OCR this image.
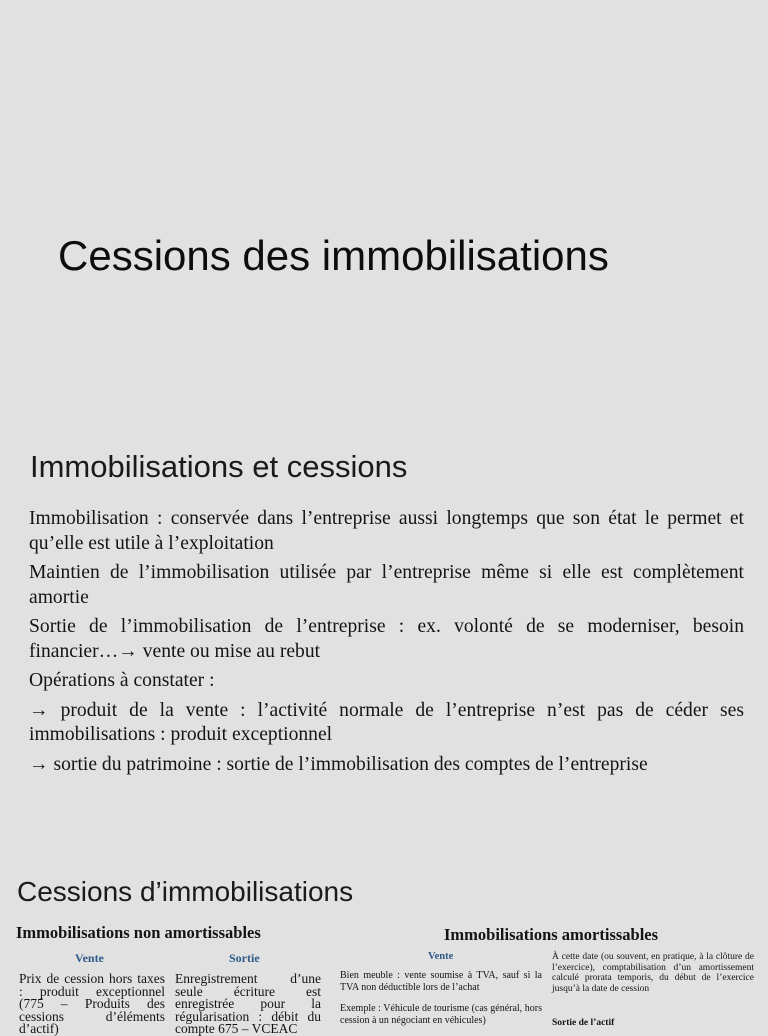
Cessions des immobilisations
Immobilisations et cessions

Immobilisation : conservée dans l’entreprise aussi longtemps que son état le permet et qu’elle est utile à l’exploitation

Maintien de l’immobilisation utilisée par l’entreprise même si elle est complètement amortie

Sortie de l’immobilisation de l’entreprise : ex. volonté de se moderniser, besoin financier…→ vente ou mise au rebut

Opérations à constater :

→ produit de la vente : l’activité normale de l’entreprise n’est pas de céder ses immobilisations : produit exceptionnel

→ sortie du patrimoine : sortie de l’immobilisation des comptes de l’entreprise

Cessions d’immobilisations
Immobilisations non amortissables
Vente	Sortie
Prix de cession hors taxes : produit exceptionnel (775 – Produits des cessions d’éléments d’actif)
Enregistrement d’une seule écriture est enregistrée pour la régularisation : débit du compte 675 – VCEAC
Immobilisations amortissables
Vente
Bien meuble : vente soumise à TVA, sauf si la TVA non déductible lors de l’achat
Exemple : Véhicule de tourisme (cas général, hors cession à un négociant en véhicules)
À cette date (ou souvent, en pratique, à la clôture de l’exercice), comptabilisation d’un amortissement calculé prorata temporis, du début de l’exercice jusqu’à la date de cession
Sortie de l’actif
